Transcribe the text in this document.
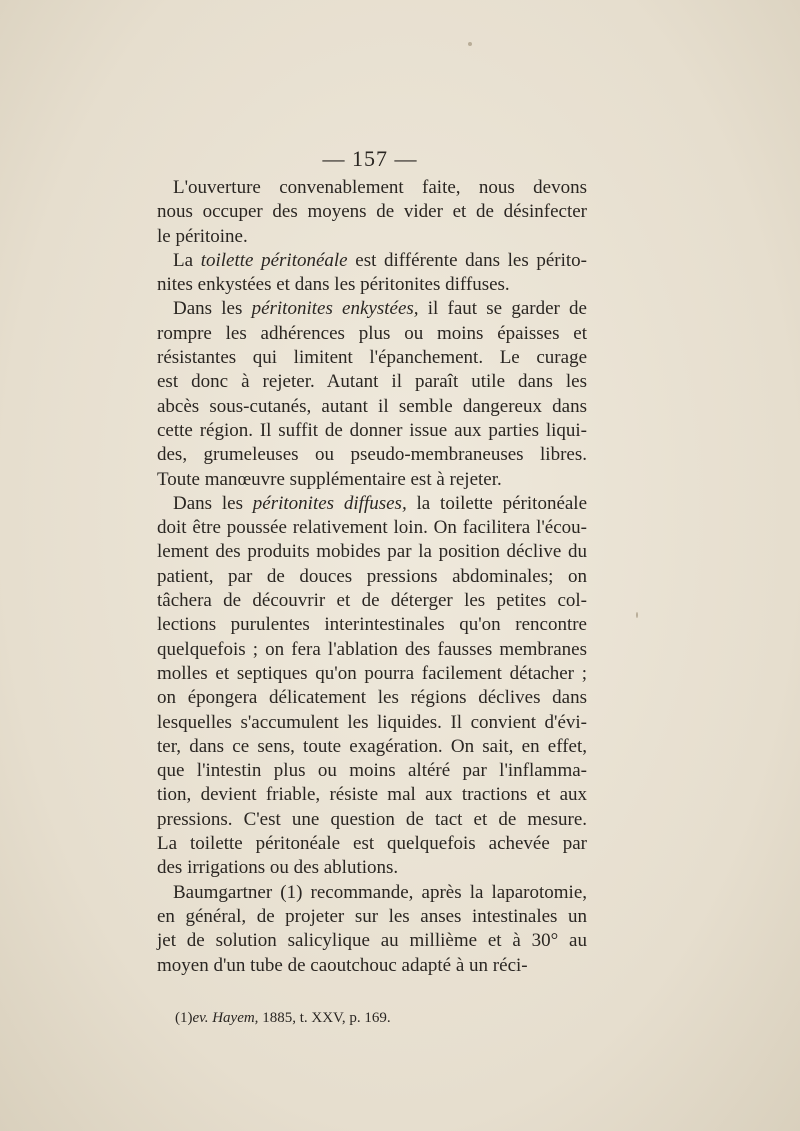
— 157 —
L'ouverture convenablement faite, nous devons
nous occuper des moyens de vider et de désinfecter
le péritoine.
La toilette péritonéale est différente dans les périto-
nites enkystées et dans les péritonites diffuses.
Dans les péritonites enkystées, il faut se garder de
rompre les adhérences plus ou moins épaisses et
résistantes qui limitent l'épanchement. Le curage
est donc à rejeter. Autant il paraît utile dans les
abcès sous-cutanés, autant il semble dangereux dans
cette région. Il suffit de donner issue aux parties liqui-
des, grumeleuses ou pseudo-membraneuses libres.
Toute manœuvre supplémentaire est à rejeter.
Dans les péritonites diffuses, la toilette péritonéale
doit être poussée relativement loin. On facilitera l'écou-
lement des produits mobides par la position déclive du
patient, par de douces pressions abdominales; on
tâchera de découvrir et de déterger les petites col-
lections purulentes interintestinales qu'on rencontre
quelquefois ; on fera l'ablation des fausses membranes
molles et septiques qu'on pourra facilement détacher ;
on épongera délicatement les régions déclives dans
lesquelles s'accumulent les liquides. Il convient d'évi-
ter, dans ce sens, toute exagération. On sait, en effet,
que l'intestin plus ou moins altéré par l'inflamma-
tion, devient friable, résiste mal aux tractions et aux
pressions. C'est une question de tact et de mesure.
La toilette péritonéale est quelquefois achevée par
des irrigations ou des ablutions.
Baumgartner (1) recommande, après la laparotomie,
en général, de projeter sur les anses intestinales un
jet de solution salicylique au millième et à 30° au
moyen d'un tube de caoutchouc adapté à un réci-
(1)ev. Hayem, 1885, t. XXV, p. 169.
